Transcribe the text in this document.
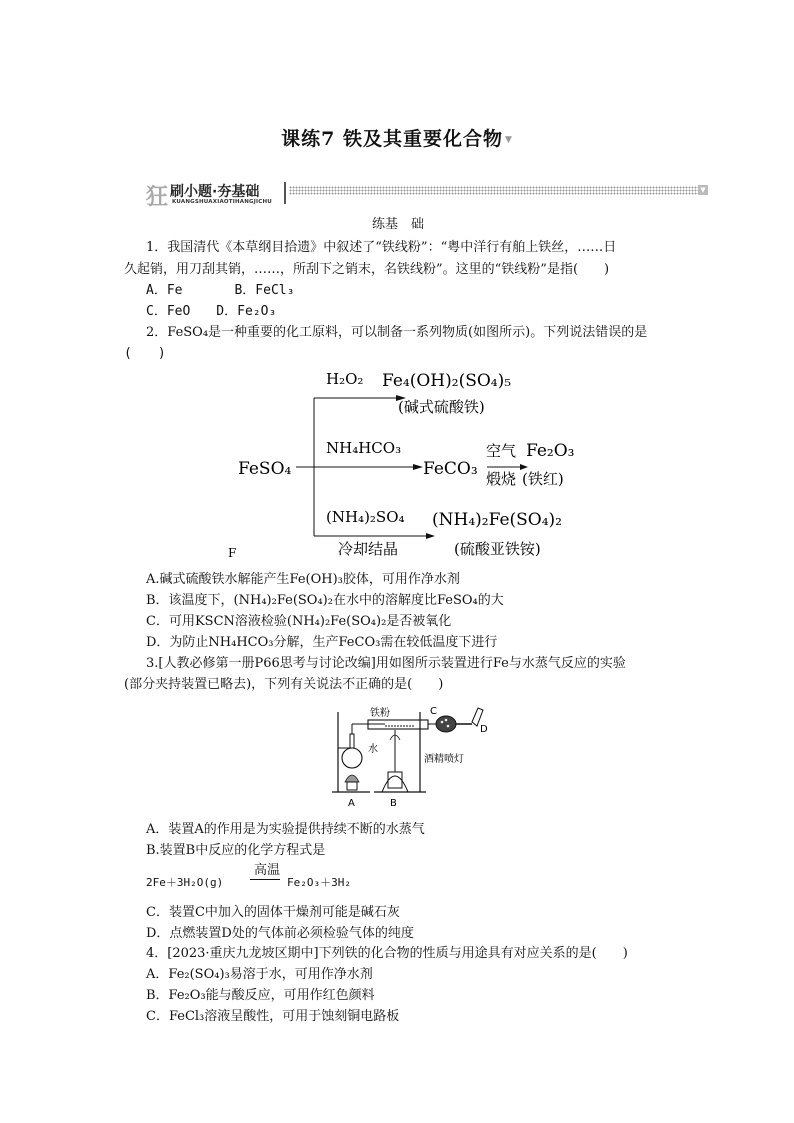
课练7 铁及其重要化合物 ▼
狂 刷小题·夯基础
KUANGSHUAXIAOTIHANGJICHU
▼
练基　础
1．我国清代《本草纲目拾遗》中叙述了“铁线粉”：“粤中洋行有舶上铁丝，……日
久起销，用刀刮其销，……，所刮下之销末，名铁线粉”。这里的“铁线粉”是指(　　)
A．Fe　　　　B．FeCl₃
C．FeO　　D．Fe₂O₃
2．FeSO₄是一种重要的化工原料，可以制备一系列物质(如图所示)。下列说法错误的是
(　　)
FeSO₄
H₂O₂ Fe₄(OH)₂(SO₄)₅
(碱式硫酸铁)
NH₄HCO₃
FeCO₃
空气
煅烧
Fe₂O₃
(铁红)
(NH₄)₂SO₄
冷却结晶
(NH₄)₂Fe(SO₄)₂
(硫酸亚铁铵)
F
A.碱式硫酸铁水解能产生Fe(OH)₃胶体，可用作净水剂
B．该温度下，(NH₄)₂Fe(SO₄)₂在水中的溶解度比FeSO₄的大
C．可用KSCN溶液检验(NH₄)₂Fe(SO₄)₂是否被氧化
D．为防止NH₄HCO₃分解，生产FeCO₃需在较低温度下进行
3.[人教必修第一册P66思考与讨论改编]用如图所示装置进行Fe与水蒸气反应的实验
(部分夹持装置已略去)，下列有关说法不正确的是(　　)
铁粉	C
D
水
酒精喷灯
A	B
A．装置A的作用是为实验提供持续不断的水蒸气
B.装置B中反应的化学方程式是
2Fe＋3H₂O(g)
高温
Fe₂O₃＋3H₂
C．装置C中加入的固体干燥剂可能是碱石灰
D．点燃装置D处的气体前必须检验气体的纯度
4．[2023·重庆九龙坡区期中]下列铁的化合物的性质与用途具有对应关系的是(　　)
A．Fe₂(SO₄)₃易溶于水，可用作净水剂
B．Fe₂O₃能与酸反应，可用作红色颜料
C．FeCl₃溶液呈酸性，可用于蚀刻铜电路板
